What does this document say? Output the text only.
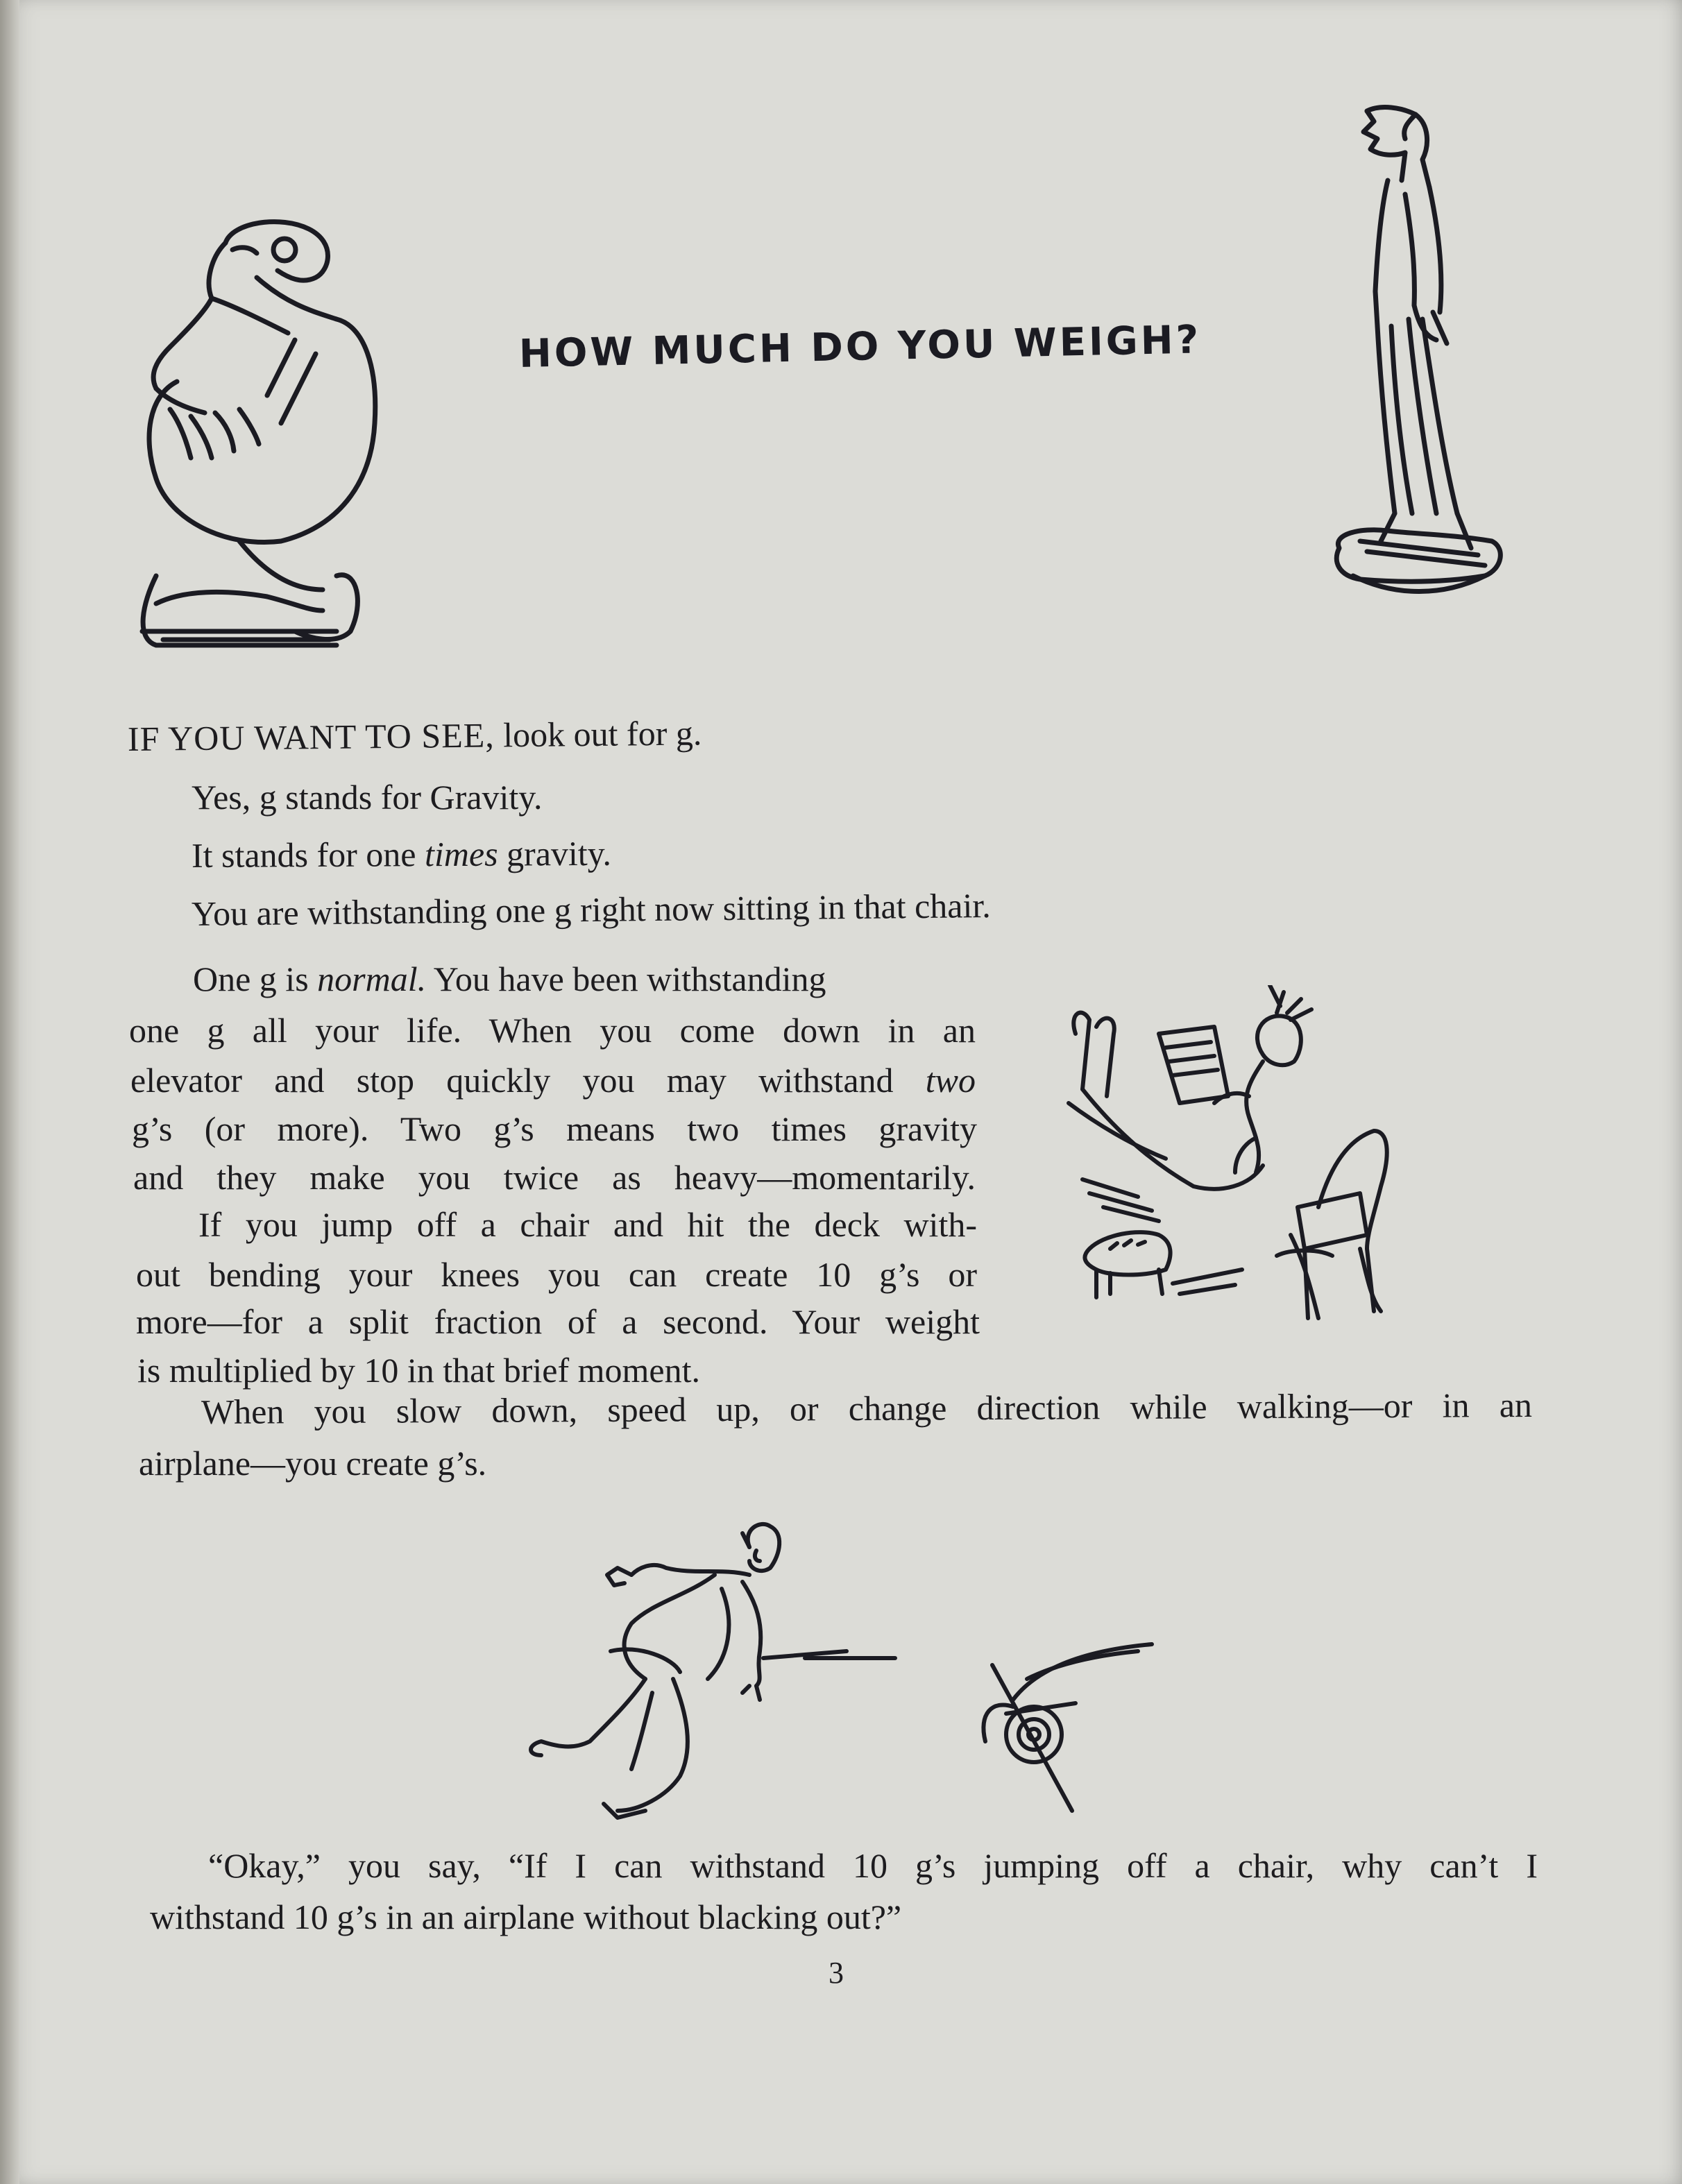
HOW MUCH DO YOU WEIGH?
IF YOU WANT TO SEE, look out for g.
Yes, g stands for Gravity.
It stands for one times gravity.
You are withstanding one g right now sitting in that chair.
One g is normal. You have been withstanding
one g all your life. When you come down in an
elevator and stop quickly you may withstand two
g’s (or more). Two g’s means two times gravity
and they make you twice as heavy—momentarily.
If you jump off a chair and hit the deck with-
out bending your knees you can create 10 g’s or
more—for a split fraction of a second. Your weight
is multiplied by 10 in that brief moment.
When you slow down, speed up, or change direction while walking—or in an
airplane—you create g’s.
“Okay,” you say, “If I can withstand 10 g’s jumping off a chair, why can’t I
withstand 10 g’s in an airplane without blacking out?”
3
